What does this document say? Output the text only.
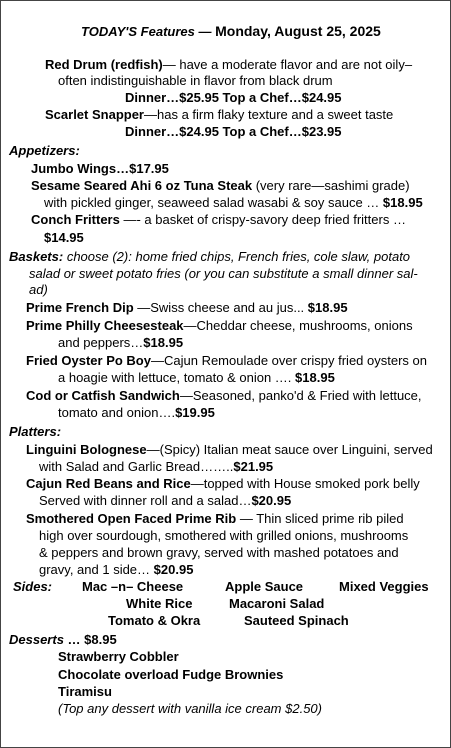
TODAY'S Features — Monday, August 25, 2025
Red Drum (redfish)— have a moderate flavor and are not oily–
often indistinguishable in flavor from black drum
Dinner…$25.95 Top a Chef…$24.95
Scarlet Snapper—has a firm flaky texture and a sweet taste
Dinner…$24.95 Top a Chef…$23.95
Appetizers:
Jumbo Wings…$17.95
Sesame Seared Ahi 6 oz Tuna Steak (very rare—sashimi grade)
with pickled ginger, seaweed salad wasabi & soy sauce … $18.95
Conch Fritters —- a basket of crispy-savory deep fried fritters …
$14.95
Baskets: choose (2): home fried chips, French fries, cole slaw, potato
salad or sweet potato fries (or you can substitute a small dinner sal-
ad)
Prime French Dip —Swiss cheese and au jus... $18.95
Prime Philly Cheesesteak—Cheddar cheese, mushrooms, onions
and peppers…$18.95
Fried Oyster Po Boy—Cajun Remoulade over crispy fried oysters on
a hoagie with lettuce, tomato & onion …. $18.95
Cod or Catfish Sandwich—Seasoned, panko'd & Fried with lettuce,
tomato and onion….$19.95
Platters:
Linguini Bolognese—(Spicy) Italian meat sauce over Linguini, served
with Salad and Garlic Bread……..$21.95
Cajun Red Beans and Rice—topped with House smoked pork belly
Served with dinner roll and a salad…$20.95
Smothered Open Faced Prime Rib — Thin sliced prime rib piled
high over sourdough, smothered with grilled onions, mushrooms
& peppers and brown gravy, served with mashed potatoes and
gravy, and 1 side… $20.95
Sides: Mac –n– Cheese	Apple Sauce	Mixed Veggies
White Rice	Macaroni Salad
Tomato & Okra	Sauteed Spinach
Desserts … $8.95
Strawberry Cobbler
Chocolate overload Fudge Brownies
Tiramisu
(Top any dessert with vanilla ice cream $2.50)
